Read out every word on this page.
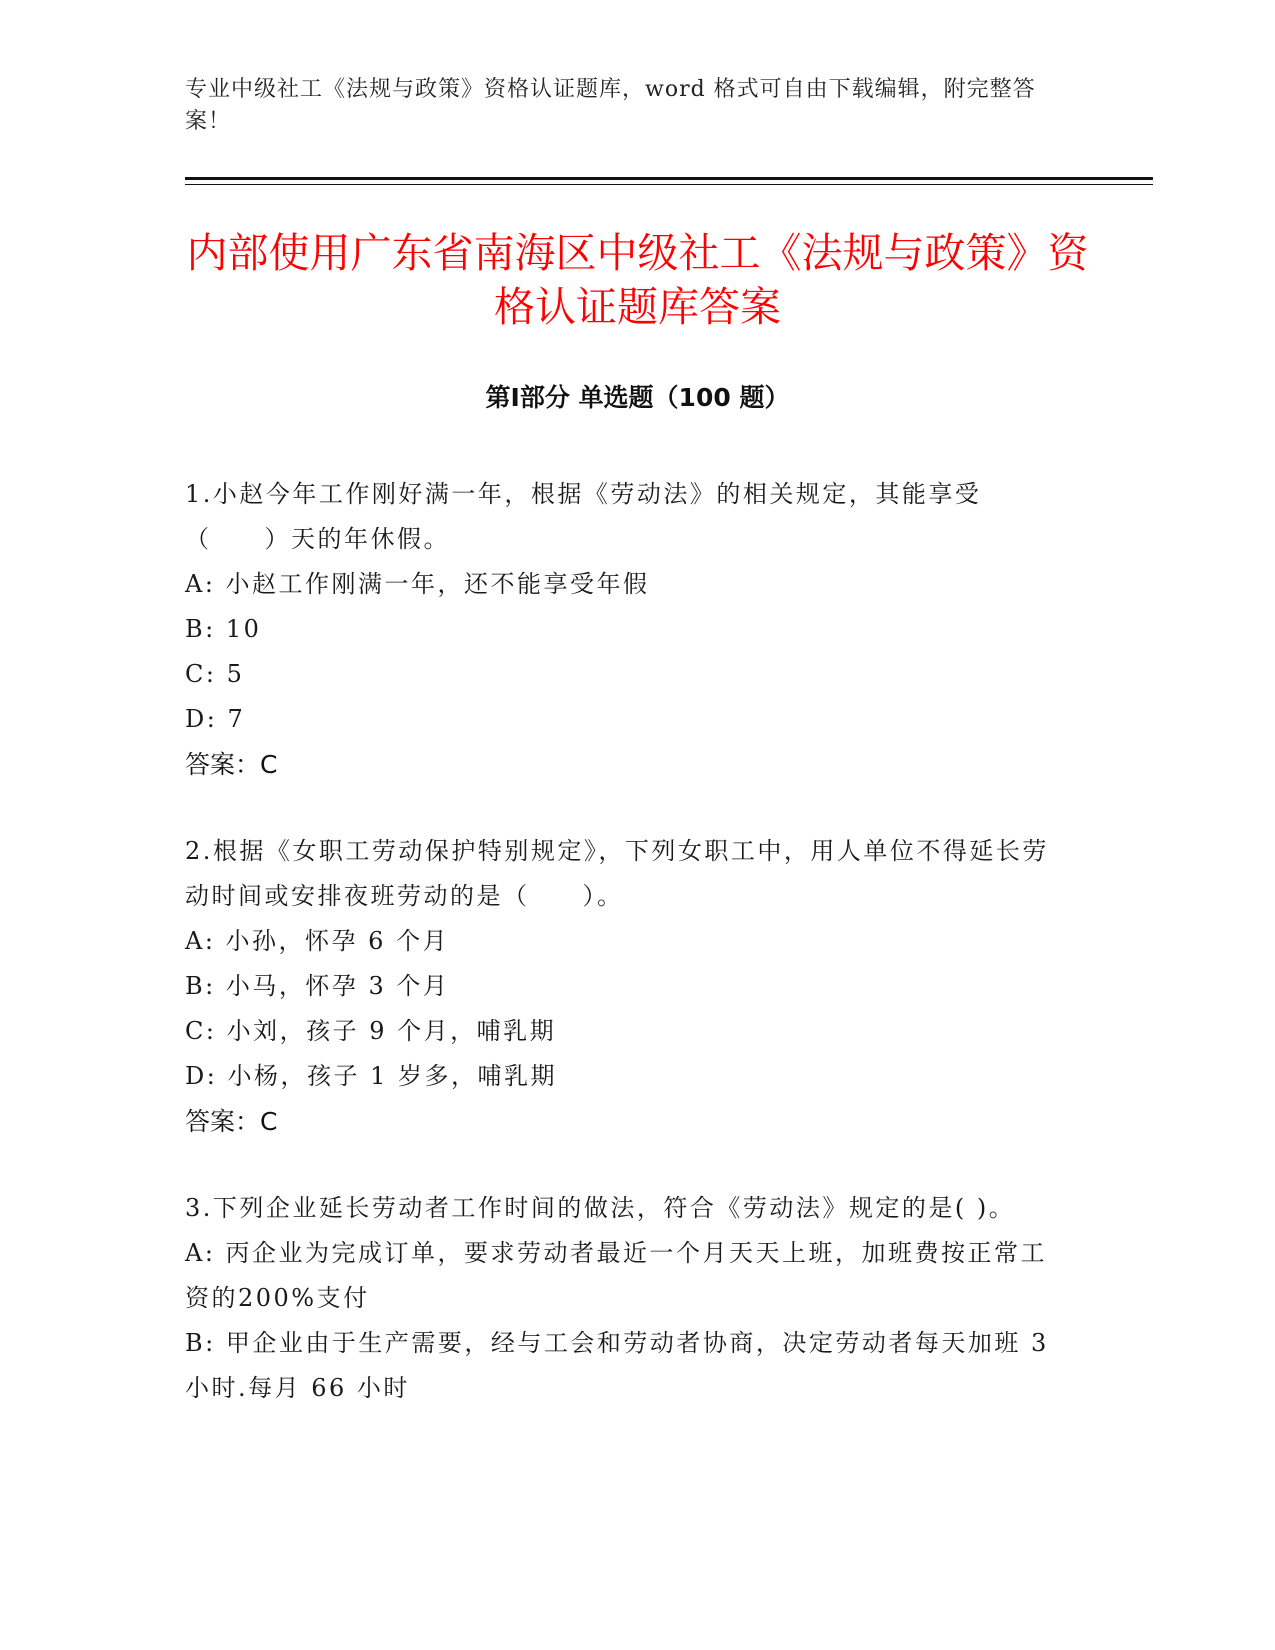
专业中级社工《法规与政策》资格认证题库，word 格式可自由下载编辑，附完整答案！
内部使用广东省南海区中级社工《法规与政策》资格认证题库答案
第Ⅰ部分 单选题（100 题）

1.小赵今年工作刚好满一年，根据《劳动法》的相关规定，其能享受（　　）天的年休假。

A: 小赵工作刚满一年，还不能享受年假

B: 10

C: 5

D: 7

答案：C

2.根据《女职工劳动保护特别规定》，下列女职工中，用人单位不得延长劳动时间或安排夜班劳动的是（　　）。

A: 小孙，怀孕 6 个月

B: 小马，怀孕 3 个月

C: 小刘，孩子 9 个月，哺乳期

D: 小杨，孩子 1 岁多，哺乳期

答案：C

3.下列企业延长劳动者工作时间的做法，符合《劳动法》规定的是( )。

A: 丙企业为完成订单，要求劳动者最近一个月天天上班，加班费按正常工资的200%支付

B: 甲企业由于生产需要，经与工会和劳动者协商，决定劳动者每天加班 3 小时.每月 66 小时
